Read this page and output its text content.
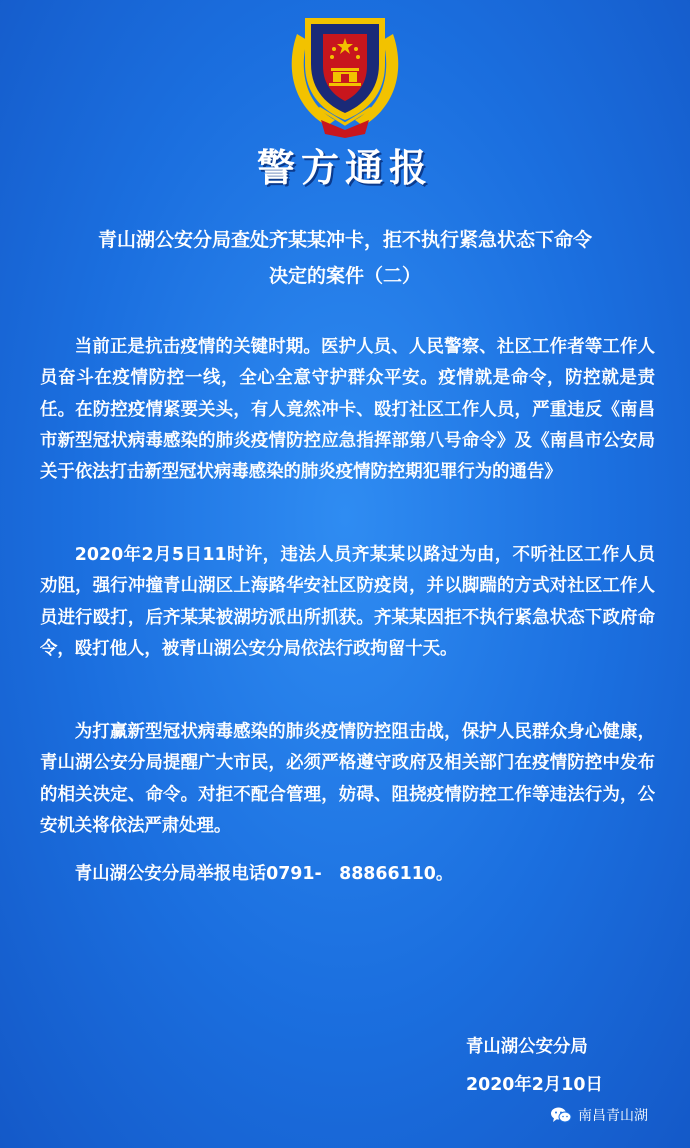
警方通报
青山湖公安分局查处齐某某冲卡，拒不执行紧急状态下命令
决定的案件（二）

当前正是抗击疫情的关键时期。医护人员、人民警察、社区工作者等工作人员奋斗在疫情防控一线，全心全意守护群众平安。疫情就是命令，防控就是责任。在防控疫情紧要关头，有人竟然冲卡、殴打社区工作人员，严重违反《南昌市新型冠状病毒感染的肺炎疫情防控应急指挥部第八号命令》及《南昌市公安局关于依法打击新型冠状病毒感染的肺炎疫情防控期犯罪行为的通告》

2020年2月5日11时许，违法人员齐某某以路过为由，不听社区工作人员劝阻，强行冲撞青山湖区上海路华安社区防疫岗，并以脚踹的方式对社区工作人员进行殴打，后齐某某被湖坊派出所抓获。齐某某因拒不执行紧急状态下政府命令，殴打他人，被青山湖公安分局依法行政拘留十天。

为打赢新型冠状病毒感染的肺炎疫情防控阻击战，保护人民群众身心健康，青山湖公安分局提醒广大市民，必须严格遵守政府及相关部门在疫情防控中发布的相关决定、命令。对拒不配合管理，妨碍、阻挠疫情防控工作等违法行为，公安机关将依法严肃处理。

青山湖公安分局举报电话0791-　88866110。

青山湖公安分局
2020年2月10日
南昌青山湖
